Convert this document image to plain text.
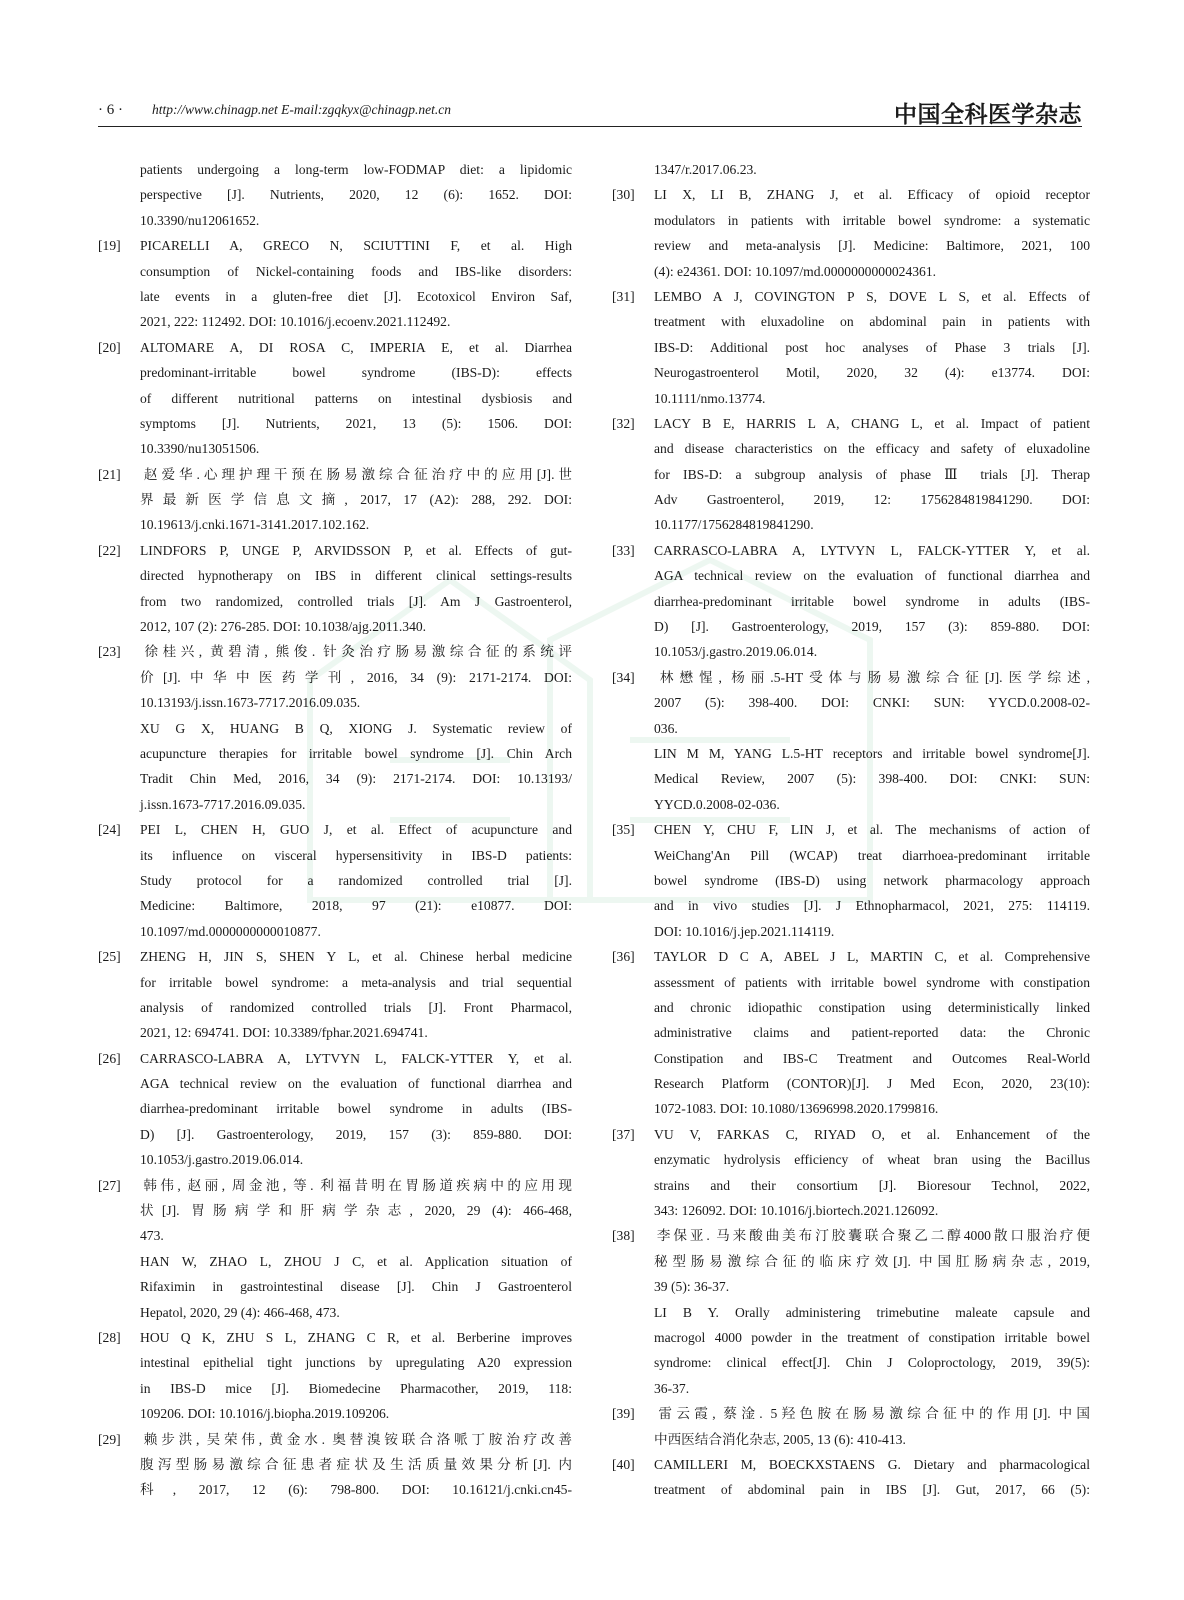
· 6 · http://www.chinagp.net E-mail:zgqkyx@chinagp.net.cn	中国全科医学杂志
patients undergoing a long-term low-FODMAP diet: a lipidomic
perspective [J]. Nutrients, 2020, 12 (6): 1652. DOI:
10.3390/nu12061652.
[19] PICARELLI A, GRECO N, SCIUTTINI F, et al. High
consumption of Nickel-containing foods and IBS-like disorders:
late events in a gluten-free diet [J]. Ecotoxicol Environ Saf,
2021, 222: 112492. DOI: 10.1016/j.ecoenv.2021.112492.
[20] ALTOMARE A, DI ROSA C, IMPERIA E, et al. Diarrhea
predominant-irritable bowel syndrome (IBS-D): effects
of different nutritional patterns on intestinal dysbiosis and
symptoms [J]. Nutrients, 2021, 13 (5): 1506. DOI:
10.3390/nu13051506.
[21] 赵爱华.心理护理干预在肠易激综合征治疗中的应用[J].世
界最新医学信息文摘, 2017, 17 (A2): 288, 292. DOI:
10.19613/j.cnki.1671-3141.2017.102.162.
[22] LINDFORS P, UNGE P, ARVIDSSON P, et al. Effects of gut-
directed hypnotherapy on IBS in different clinical settings-results
from two randomized, controlled trials [J]. Am J Gastroenterol,
2012, 107 (2): 276-285. DOI: 10.1038/ajg.2011.340.
[23] 徐桂兴, 黄碧清, 熊俊. 针灸治疗肠易激综合征的系统评
价[J].中华中医药学刊, 2016, 34 (9): 2171-2174. DOI:
10.13193/j.issn.1673-7717.2016.09.035.
XU G X, HUANG B Q, XIONG J. Systematic review of
acupuncture therapies for irritable bowel syndrome [J]. Chin Arch
Tradit Chin Med, 2016, 34 (9): 2171-2174. DOI: 10.13193/
j.issn.1673-7717.2016.09.035.
[24] PEI L, CHEN H, GUO J, et al. Effect of acupuncture and
its influence on visceral hypersensitivity in IBS-D patients:
Study protocol for a randomized controlled trial [J].
Medicine: Baltimore, 2018, 97 (21): e10877. DOI:
10.1097/md.0000000000010877.
[25] ZHENG H, JIN S, SHEN Y L, et al. Chinese herbal medicine
for irritable bowel syndrome: a meta-analysis and trial sequential
analysis of randomized controlled trials [J]. Front Pharmacol,
2021, 12: 694741. DOI: 10.3389/fphar.2021.694741.
[26] CARRASCO-LABRA A, LYTVYN L, FALCK-YTTER Y, et al.
AGA technical review on the evaluation of functional diarrhea and
diarrhea-predominant irritable bowel syndrome in adults (IBS-
D) [J]. Gastroenterology, 2019, 157 (3): 859-880. DOI:
10.1053/j.gastro.2019.06.014.
[27] 韩伟, 赵丽, 周金池, 等. 利福昔明在胃肠道疾病中的应用现
状[J]. 胃肠病学和肝病学杂志, 2020, 29 (4): 466-468,
473.
HAN W, ZHAO L, ZHOU J C, et al. Application situation of
Rifaximin in gastrointestinal disease [J]. Chin J Gastroenterol
Hepatol, 2020, 29 (4): 466-468, 473.
[28] HOU Q K, ZHU S L, ZHANG C R, et al. Berberine improves
intestinal epithelial tight junctions by upregulating A20 expression
in IBS-D mice [J]. Biomedecine Pharmacother, 2019, 118:
109206. DOI: 10.1016/j.biopha.2019.109206.
[29] 赖步洪, 吴荣伟, 黄金水. 奥替溴铵联合洛哌丁胺治疗改善
腹泻型肠易激综合征患者症状及生活质量效果分析[J]. 内
科, 2017, 12 (6): 798-800. DOI: 10.16121/j.cnki.cn45-
1347/r.2017.06.23.
[30] LI X, LI B, ZHANG J, et al. Efficacy of opioid receptor
modulators in patients with irritable bowel syndrome: a systematic
review and meta-analysis [J]. Medicine: Baltimore, 2021, 100
(4): e24361. DOI: 10.1097/md.0000000000024361.
[31] LEMBO A J, COVINGTON P S, DOVE L S, et al. Effects of
treatment with eluxadoline on abdominal pain in patients with
IBS-D: Additional post hoc analyses of Phase 3 trials [J].
Neurogastroenterol Motil, 2020, 32 (4): e13774. DOI:
10.1111/nmo.13774.
[32] LACY B E, HARRIS L A, CHANG L, et al. Impact of patient
and disease characteristics on the efficacy and safety of eluxadoline
for IBS-D: a subgroup analysis of phase Ⅲ trials [J]. Therap
Adv Gastroenterol, 2019, 12: 1756284819841290. DOI:
10.1177/1756284819841290.
[33] CARRASCO-LABRA A, LYTVYN L, FALCK-YTTER Y, et al.
AGA technical review on the evaluation of functional diarrhea and
diarrhea-predominant irritable bowel syndrome in adults (IBS-
D) [J]. Gastroenterology, 2019, 157 (3): 859-880. DOI:
10.1053/j.gastro.2019.06.014.
[34] 林懋惺, 杨丽.5-HT受体与肠易激综合征[J].医学综述,
2007 (5): 398-400. DOI: CNKI: SUN: YYCD.0.2008-02-
036.
LIN M M, YANG L.5-HT receptors and irritable bowel syndrome[J].
Medical Review, 2007 (5): 398-400. DOI: CNKI: SUN:
YYCD.0.2008-02-036.
[35] CHEN Y, CHU F, LIN J, et al. The mechanisms of action of
WeiChang'An Pill (WCAP) treat diarrhoea-predominant irritable
bowel syndrome (IBS-D) using network pharmacology approach
and in vivo studies [J]. J Ethnopharmacol, 2021, 275: 114119.
DOI: 10.1016/j.jep.2021.114119.
[36] TAYLOR D C A, ABEL J L, MARTIN C, et al. Comprehensive
assessment of patients with irritable bowel syndrome with constipation
and chronic idiopathic constipation using deterministically linked
administrative claims and patient-reported data: the Chronic
Constipation and IBS-C Treatment and Outcomes Real-World
Research Platform (CONTOR)[J]. J Med Econ, 2020, 23(10):
1072-1083. DOI: 10.1080/13696998.2020.1799816.
[37] VU V, FARKAS C, RIYAD O, et al. Enhancement of the
enzymatic hydrolysis efficiency of wheat bran using the Bacillus
strains and their consortium [J]. Bioresour Technol, 2022,
343: 126092. DOI: 10.1016/j.biortech.2021.126092.
[38] 李保亚. 马来酸曲美布汀胶囊联合聚乙二醇4000散口服治疗便
秘型肠易激综合征的临床疗效[J]. 中国肛肠病杂志, 2019,
39 (5): 36-37.
LI B Y. Orally administering trimebutine maleate capsule and
macrogol 4000 powder in the treatment of constipation irritable bowel
syndrome: clinical effect[J]. Chin J Coloproctology, 2019, 39(5):
36-37.
[39] 雷云霞, 蔡淦. 5羟色胺在肠易激综合征中的作用[J]. 中国
中西医结合消化杂志, 2005, 13 (6): 410-413.
[40] CAMILLERI M, BOECKXSTAENS G. Dietary and pharmacological
treatment of abdominal pain in IBS [J]. Gut, 2017, 66 (5):
